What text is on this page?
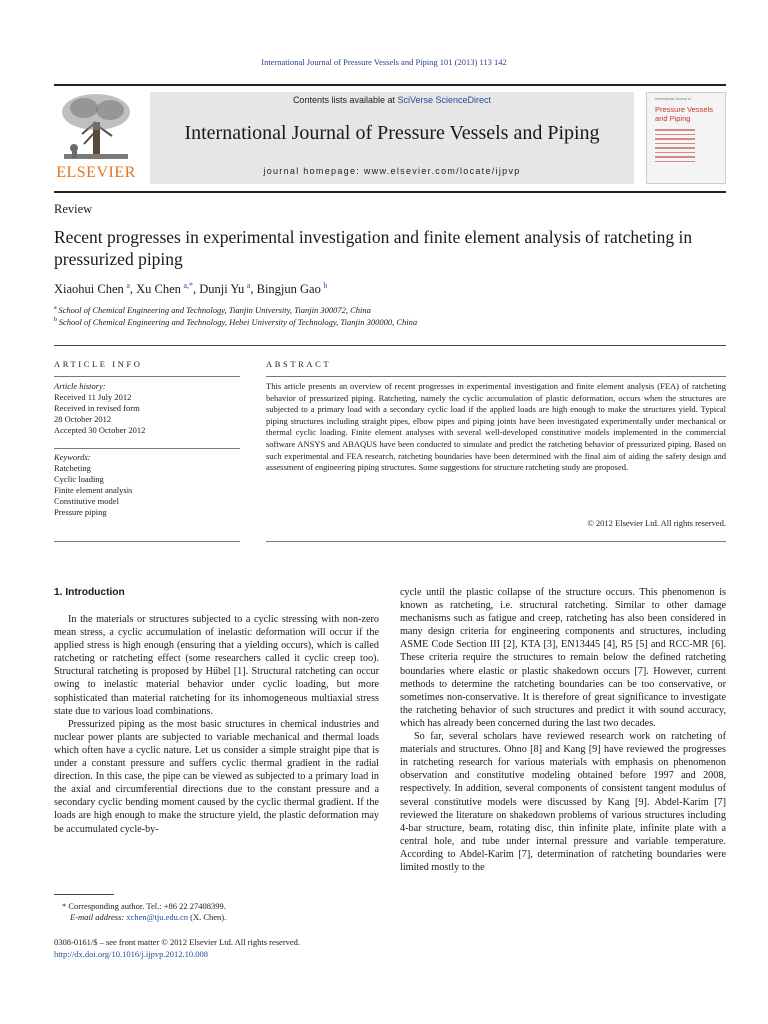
International Journal of Pressure Vessels and Piping 101 (2013) 113 142
ELSEVIER
Contents lists available at SciVerse ScienceDirect
International Journal of Pressure Vessels and Piping
journal homepage: www.elsevier.com/locate/ijpvp
International Journal of
Pressure Vessels
and Piping
Review
Recent progresses in experimental investigation and finite element analysis of ratcheting in pressurized piping
Xiaohui Chen  $^a$, Xu Chen  $^{a,*}$, Dunji Yu  $^a$, Bingjun Gao  $^b$
$^a$  School of Chemical Engineering and Technology, Tianjin University, Tianjin 300072, China
$^b$  School of Chemical Engineering and Technology, Hebei University of Technology, Tianjin 300000, China
ARTICLE INFO	ABSTRACT
Article history:
Received 11 July 2012
Received in revised form
28 October 2012
Accepted 30 October 2012
Keywords:
Ratcheting
Cyclic loading
Finite element analysis
Constitutive model
Pressure piping

This article presents an overview of recent progresses in experimental investigation and finite element analysis (FEA) of ratcheting behavior of pressurized piping. Ratcheting, namely the cyclic accumulation of plastic deformation, occurs when the structures are subjected to a primary load with a secondary cyclic load if the applied loads are high enough to make the structures yield. Typical piping structures including straight pipes, elbow pipes and piping joints have been investigated experimentally under mechanical or thermal cyclic loading. Finite element analyses with several well-developed constitutive models implemented in the commercial software ANSYS and ABAQUS have been conducted to simulate and predict the ratcheting behavior of pressurized piping. Based on such experimental and FEA research, ratcheting boundaries have been determined with the final aim of aiding the safety design and assessment of engineering piping structures. Some suggestions for structure ratcheting study are proposed.

© 2012 Elsevier Ltd. All rights reserved.
1. Introduction

In the materials or structures subjected to a cyclic stressing with non-zero mean stress, a cyclic accumulation of inelastic deformation will occur if the applied stress is high enough (ensuring that a yielding occurs), which is called ratcheting or ratcheting effect (some researchers called it cyclic creep too). Structural ratcheting is proposed by Hübel [1]. Structural ratcheting can occur owing to inelastic material behavior under cyclic loading, but more sophisticated than material ratcheting for its inhomogeneous multiaxial stress state due to various load combinations.

Pressurized piping as the most basic structures in chemical industries and nuclear power plants are subjected to variable mechanical and thermal loads which often have a cyclic nature. Let us consider a simple straight pipe that is under a constant pressure and suffers cyclic thermal gradient in the radial direction. In this case, the pipe can be viewed as subjected to a primary load in the axial and circumferential directions due to the constant pressure and a secondary cyclic bending moment caused by the cyclic thermal gradient. If the loads are high enough to make the structure yield, the plastic deformation may be accumulated cycle-by-

cycle until the plastic collapse of the structure occurs. This phenomenon is known as ratcheting, i.e. structural ratcheting. Similar to other damage mechanisms such as fatigue and creep, ratcheting has also been considered in many design criteria for engineering components and structures, including ASME Code Section III [2], KTA [3], EN13445 [4], R5 [5] and RCC-MR [6]. These criteria require the structures to remain below the defined ratcheting boundaries where elastic or plastic shakedown occurs [7]. However, current methods to determine the ratcheting boundaries can be too conservative, or sometimes non-conservative. It is therefore of great significance to investigate the ratcheting behavior of such structures and predict it with sound accuracy, which has already been concerned during the last two decades.

So far, several scholars have reviewed research work on ratcheting of materials and structures. Ohno [8] and Kang [9] have reviewed the progresses in ratcheting research for various materials with emphasis on phenomenon observation and constitutive modeling obtained before 1997 and 2008, respectively. In addition, several components of consistent tangent modulus of several constitutive models were discussed by Kang [9]. Abdel-Karim [7] reviewed the literature on shakedown problems of various structures including 4-bar structure, beam, rotating disc, thin infinite plate, infinite plate with a central hole, and tube under internal pressure and variable temperature. According to Abdel-Karim [7], determination of ratcheting boundaries were limited mostly to the

* Corresponding author. Tel.: +86 22 27408399.
E-mail address: xchen@tju.edu.cn (X. Chen).
0308-0161/$ – see front matter © 2012 Elsevier Ltd. All rights reserved.
http://dx.doi.org/10.1016/j.ijpvp.2012.10.008
